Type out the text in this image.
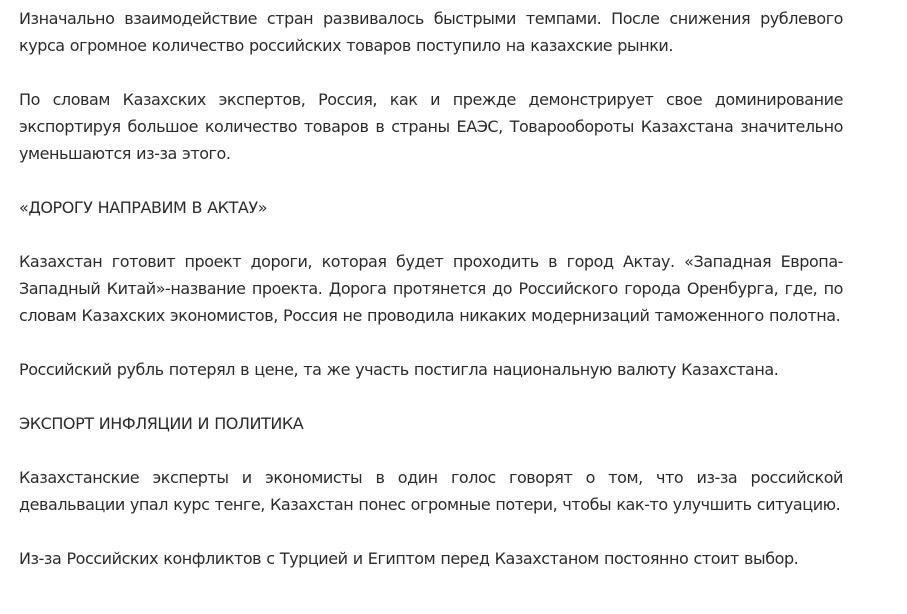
Изначально взаимодействие стран развивалось быстрыми темпами. После снижения рублевого курса огромное количество российских товаров поступило на казахские рынки.

По словам Казахских экспертов, Россия, как и прежде демонстрирует свое доминирование экспортируя большое количество товаров в страны ЕАЭС, Товарообороты Казахстана значительно уменьшаются из-за этого.

«ДОРОГУ НАПРАВИМ В АКТАУ»

Казахстан готовит проект дороги, которая будет проходить в город Актау. «Западная Европа-Западный Китай»-название проекта. Дорога протянется до Российского города Оренбурга, где, по словам Казахских экономистов, Россия не проводила никаких модернизаций таможенного полотна.

Российский рубль потерял в цене, та же участь постигла национальную валюту Казахстана.

ЭКСПОРТ ИНФЛЯЦИИ И ПОЛИТИКА

Казахстанские эксперты и экономисты в один голос говорят о том, что из-за российской девальвации упал курс тенге, Казахстан понес огромные потери, чтобы как-то улучшить ситуацию.

Из-за Российских конфликтов с Турцией и Египтом перед Казахстаном постоянно стоит выбор.
